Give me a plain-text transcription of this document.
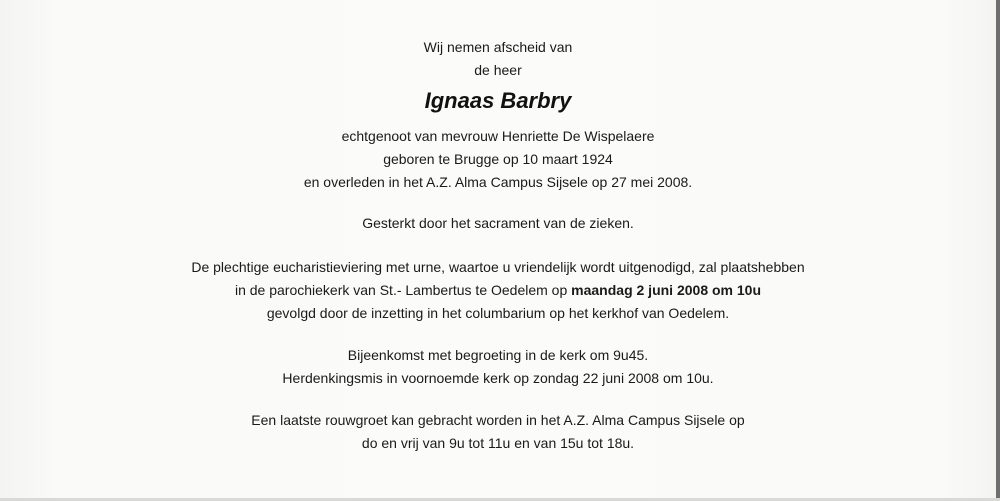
Wij nemen afscheid van
de heer
Ignaas Barbry
echtgenoot van mevrouw Henriette De Wispelaere
geboren te Brugge op 10 maart 1924
en overleden in het A.Z. Alma Campus Sijsele op 27 mei 2008.
Gesterkt door het sacrament van de zieken.
De plechtige eucharistieviering met urne, waartoe u vriendelijk wordt uitgenodigd, zal plaatshebben
in de parochiekerk van St.- Lambertus te Oedelem op maandag 2 juni 2008 om 10u
gevolgd door de inzetting in het columbarium op het kerkhof van Oedelem.
Bijeenkomst met begroeting in de kerk om 9u45.
Herdenkingsmis in voornoemde kerk op zondag 22 juni 2008 om 10u.
Een laatste rouwgroet kan gebracht worden in het A.Z. Alma Campus Sijsele op
do en vrij van 9u tot 11u en van 15u tot 18u.
